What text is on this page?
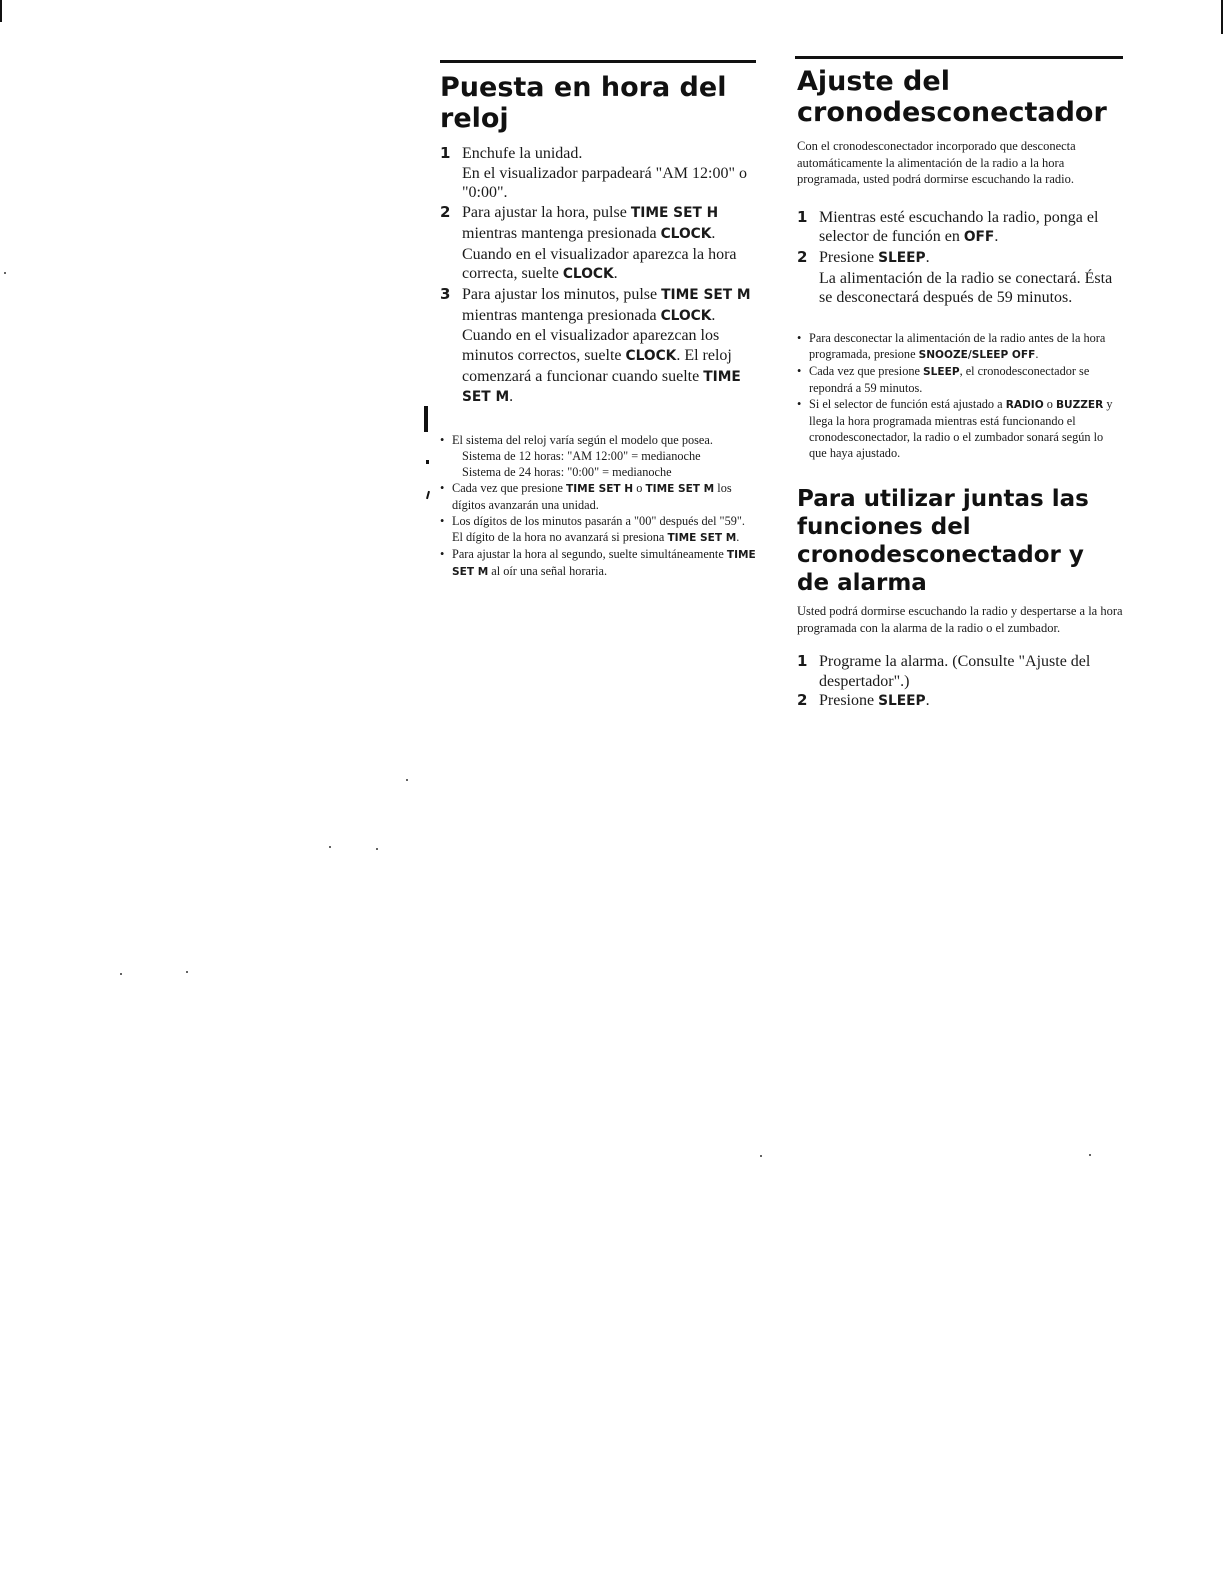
Puesta en hora del reloj
1 Enchufe la unidad.
En el visualizador parpadeará "AM 12:00" o "0:00".
2 Para ajustar la hora, pulse TIME SET H mientras mantenga presionada CLOCK. Cuando en el visualizador aparezca la hora correcta, suelte CLOCK.
3 Para ajustar los minutos, pulse TIME SET M mientras mantenga presionada CLOCK. Cuando en el visualizador aparezcan los minutos correctos, suelte CLOCK. El reloj comenzará a funcionar cuando suelte TIME SET M.
• El sistema del reloj varía según el modelo que posea.
Sistema de 12 horas: "AM 12:00" = medianoche
Sistema de 24 horas: "0:00" = medianoche
• Cada vez que presione TIME SET H o TIME SET M los dígitos avanzarán una unidad.
• Los dígitos de los minutos pasarán a "00" después del "59". El dígito de la hora no avanzará si presiona TIME SET M.
• Para ajustar la hora al segundo, suelte simultáneamente TIME SET M al oír una señal horaria.
Ajuste del cronodesconectador

Con el cronodesconectador incorporado que desconecta automáticamente la alimentación de la radio a la hora programada, usted podrá dormirse escuchando la radio.

1 Mientras esté escuchando la radio, ponga el selector de función en OFF.
2 Presione SLEEP.
La alimentación de la radio se conectará. Ésta se desconectará después de 59 minutos.
• Para desconectar la alimentación de la radio antes de la hora programada, presione SNOOZE/SLEEP OFF.
• Cada vez que presione SLEEP, el cronodesconectador se repondrá a 59 minutos.
• Si el selector de función está ajustado a RADIO o BUZZER y llega la hora programada mientras está funcionando el cronodesconectador, la radio o el zumbador sonará según lo que haya ajustado.
Para utilizar juntas las funciones del cronodesconectador y de alarma

Usted podrá dormirse escuchando la radio y despertarse a la hora programada con la alarma de la radio o el zumbador.

1 Programe la alarma. (Consulte "Ajuste del despertador".)
2 Presione SLEEP.
